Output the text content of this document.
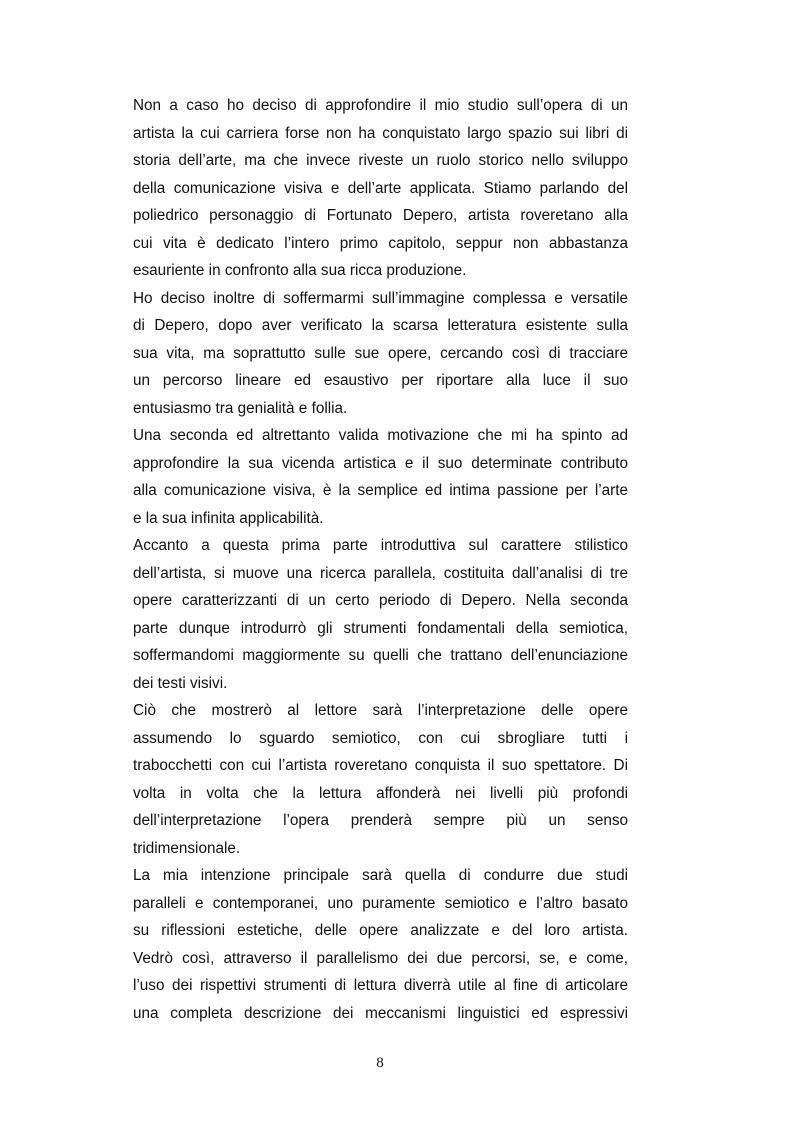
Non a caso ho deciso di approfondire il mio studio sull’opera di un
artista la cui carriera forse non ha conquistato largo spazio sui libri di
storia dell’arte, ma che invece riveste un ruolo storico nello sviluppo
della comunicazione visiva e dell’arte applicata. Stiamo parlando del
poliedrico personaggio di Fortunato Depero, artista roveretano alla
cui vita è dedicato l’intero primo capitolo, seppur non abbastanza
esauriente in confronto alla sua ricca produzione.
Ho deciso inoltre di soffermarmi sull’immagine complessa e versatile
di Depero, dopo aver verificato la scarsa letteratura esistente sulla
sua vita, ma soprattutto sulle sue opere, cercando così di tracciare
un percorso lineare ed esaustivo per riportare alla luce il suo
entusiasmo tra genialità e follia.
Una seconda ed altrettanto valida motivazione che mi ha spinto ad
approfondire la sua vicenda artistica e il suo determinate contributo
alla comunicazione visiva, è la semplice ed intima passione per l’arte
e la sua infinita applicabilità.
Accanto a questa prima parte introduttiva sul carattere stilistico
dell’artista, si muove una ricerca parallela, costituita dall’analisi di tre
opere caratterizzanti di un certo periodo di Depero. Nella seconda
parte dunque introdurrò gli strumenti fondamentali della semiotica,
soffermandomi maggiormente su quelli che trattano dell’enunciazione
dei testi visivi.
Ciò che mostrerò al lettore sarà l’interpretazione delle opere
assumendo lo sguardo semiotico, con cui sbrogliare tutti i
trabocchetti con cui l’artista roveretano conquista il suo spettatore. Di
volta in volta che la lettura affonderà nei livelli più profondi
dell’interpretazione l’opera prenderà sempre più un senso
tridimensionale.
La mia intenzione principale sarà quella di condurre due studi
paralleli e contemporanei, uno puramente semiotico e l’altro basato
su riflessioni estetiche, delle opere analizzate e del loro artista.
Vedrò così, attraverso il parallelismo dei due percorsi, se, e come,
l’uso dei rispettivi strumenti di lettura diverrà utile al fine di articolare
una completa descrizione dei meccanismi linguistici ed espressivi
8
